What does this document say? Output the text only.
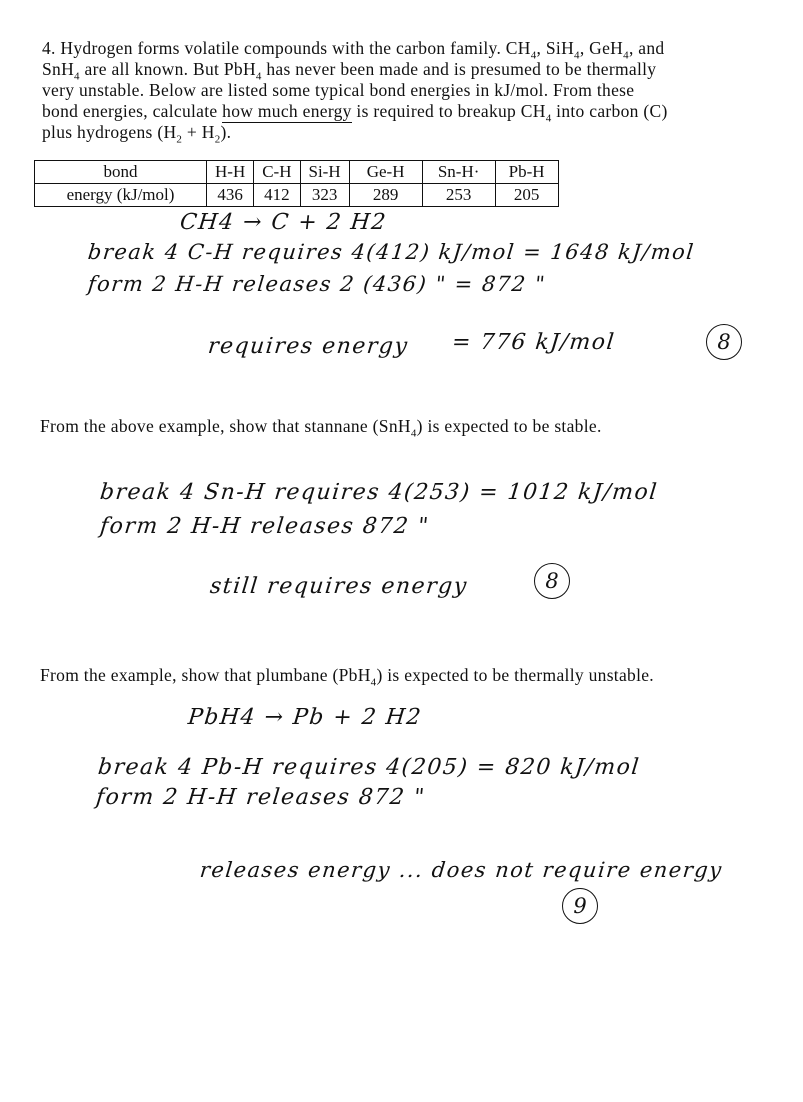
4. Hydrogen forms volatile compounds with the carbon family. $CH_4$, SiH$_4$, GeH$_4$, and
SnH$_4$ are all known. But PbH$_4$ has never been made and is presumed to be thermally
very unstable. Below are listed some typical bond energies in kJ/mol. From these
bond energies, calculate how much energy is required to breakup $CH_4$ into carbon (C)
plus hydrogens $(H_2 + H_2)$.
bond	H-H	C-H	Si-H	Ge-H	Sn-H·	Pb-H
energy (kJ/mol)	436	412	323	289	253	205
CH4 → C + 2 H2
break 4 C-H requires 4(412) kJ/mol = 1648 kJ/mol
form 2 H-H releases 2 (436) " = 872 "
requires energy = 776 kJ/mol	8
From the above example, show that stannane (SnH$_4$) is expected to be stable.
break 4 Sn-H requires 4(253) = 1012 kJ/mol
form 2 H-H releases 872 "
still requires energy	8
From the example, show that plumbane (PbH$_4$) is expected to be thermally unstable.
PbH4 → Pb + 2 H2
break 4 Pb-H requires 4(205) = 820 kJ/mol
form 2 H-H releases 872 "
releases energy ... does not require energy
9
